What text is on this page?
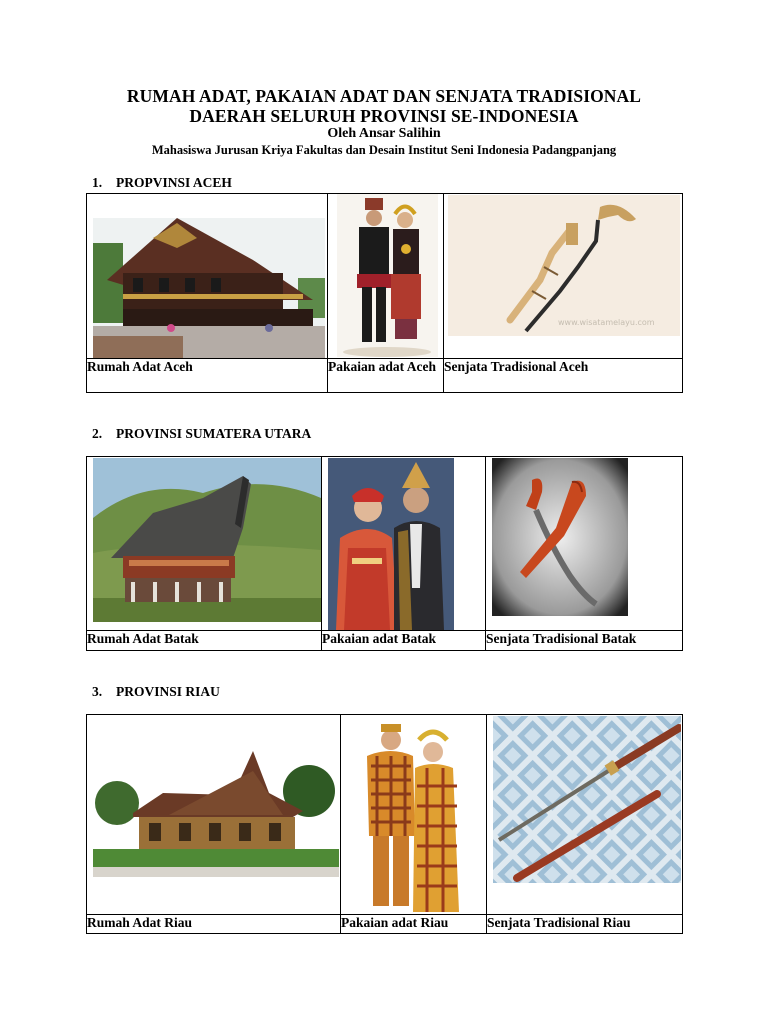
RUMAH ADAT, PAKAIAN ADAT DAN SENJATA TRADISIONAL
DAERAH SELURUH PROVINSI SE-INDONESIA
Oleh Ansar Salihin
Mahasiswa Jurusan Kriya Fakultas dan Desain Institut Seni Indonesia Padangpanjang
1. PROPVINSI ACEH

www.wisatamelayu.com

Rumah Adat Aceh	Pakaian adat Aceh	Senjata Tradisional Aceh
2. PROVINSI SUMATERA UTARA

Rumah Adat Batak	Pakaian adat Batak	Senjata Tradisional Batak
3. PROVINSI RIAU

Rumah Adat Riau	Pakaian adat Riau	Senjata Tradisional Riau
